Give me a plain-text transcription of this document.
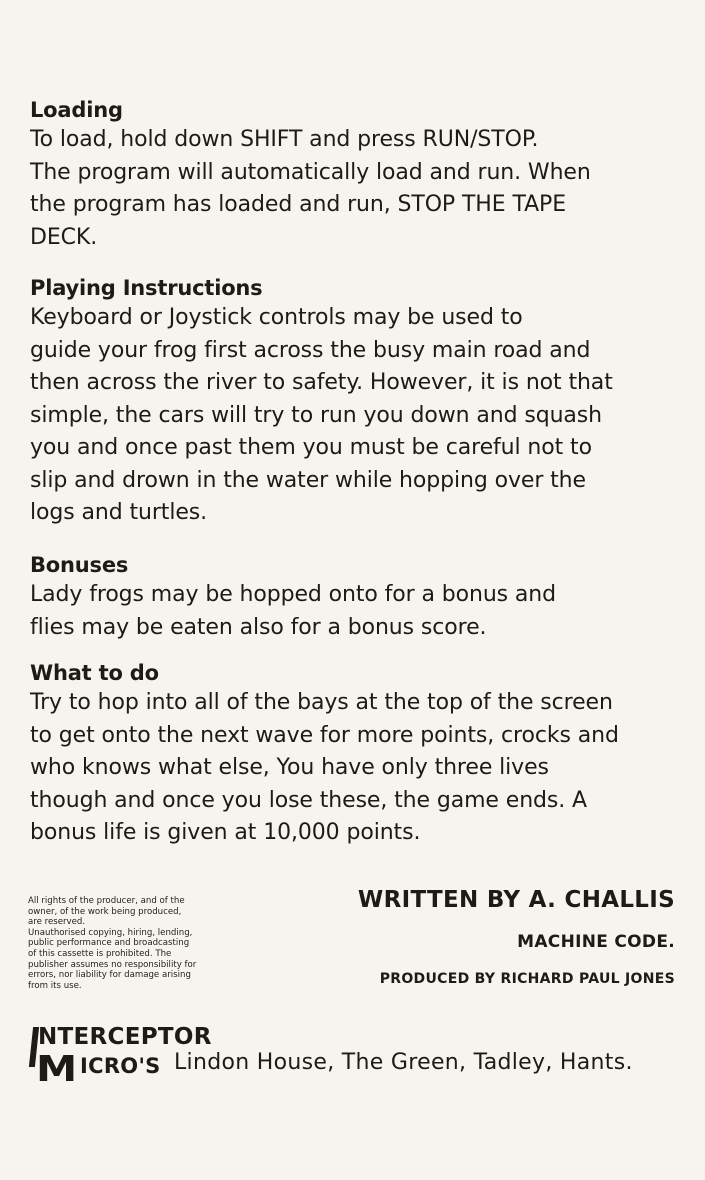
Loading
To load, hold down SHIFT and press RUN/STOP.
The program will automatically load and run. When
the program has loaded and run, STOP THE TAPE
DECK.
Playing Instructions
Keyboard or Joystick controls may be used to
guide your frog first across the busy main road and
then across the river to safety. However, it is not that
simple, the cars will try to run you down and squash
you and once past them you must be careful not to
slip and drown in the water while hopping over the
logs and turtles.
Bonuses
Lady frogs may be hopped onto for a bonus and
flies may be eaten also for a bonus score.
What to do
Try to hop into all of the bays at the top of the screen
to get onto the next wave for more points, crocks and
who knows what else, You have only three lives
though and once you lose these, the game ends. A
bonus life is given at 10,000 points.
All rights of the producer, and of the
owner, of the work being produced,
are reserved.
Unauthorised copying, hiring, lending,
public performance and broadcasting
of this cassette is prohibited. The
publisher assumes no responsibility for
errors, nor liability for damage arising
from its use.
WRITTEN BY A. CHALLIS
MACHINE CODE.
PRODUCED BY RICHARD PAUL JONES
NTERCEPTOR
M ICRO'S Lindon House, The Green, Tadley, Hants.
